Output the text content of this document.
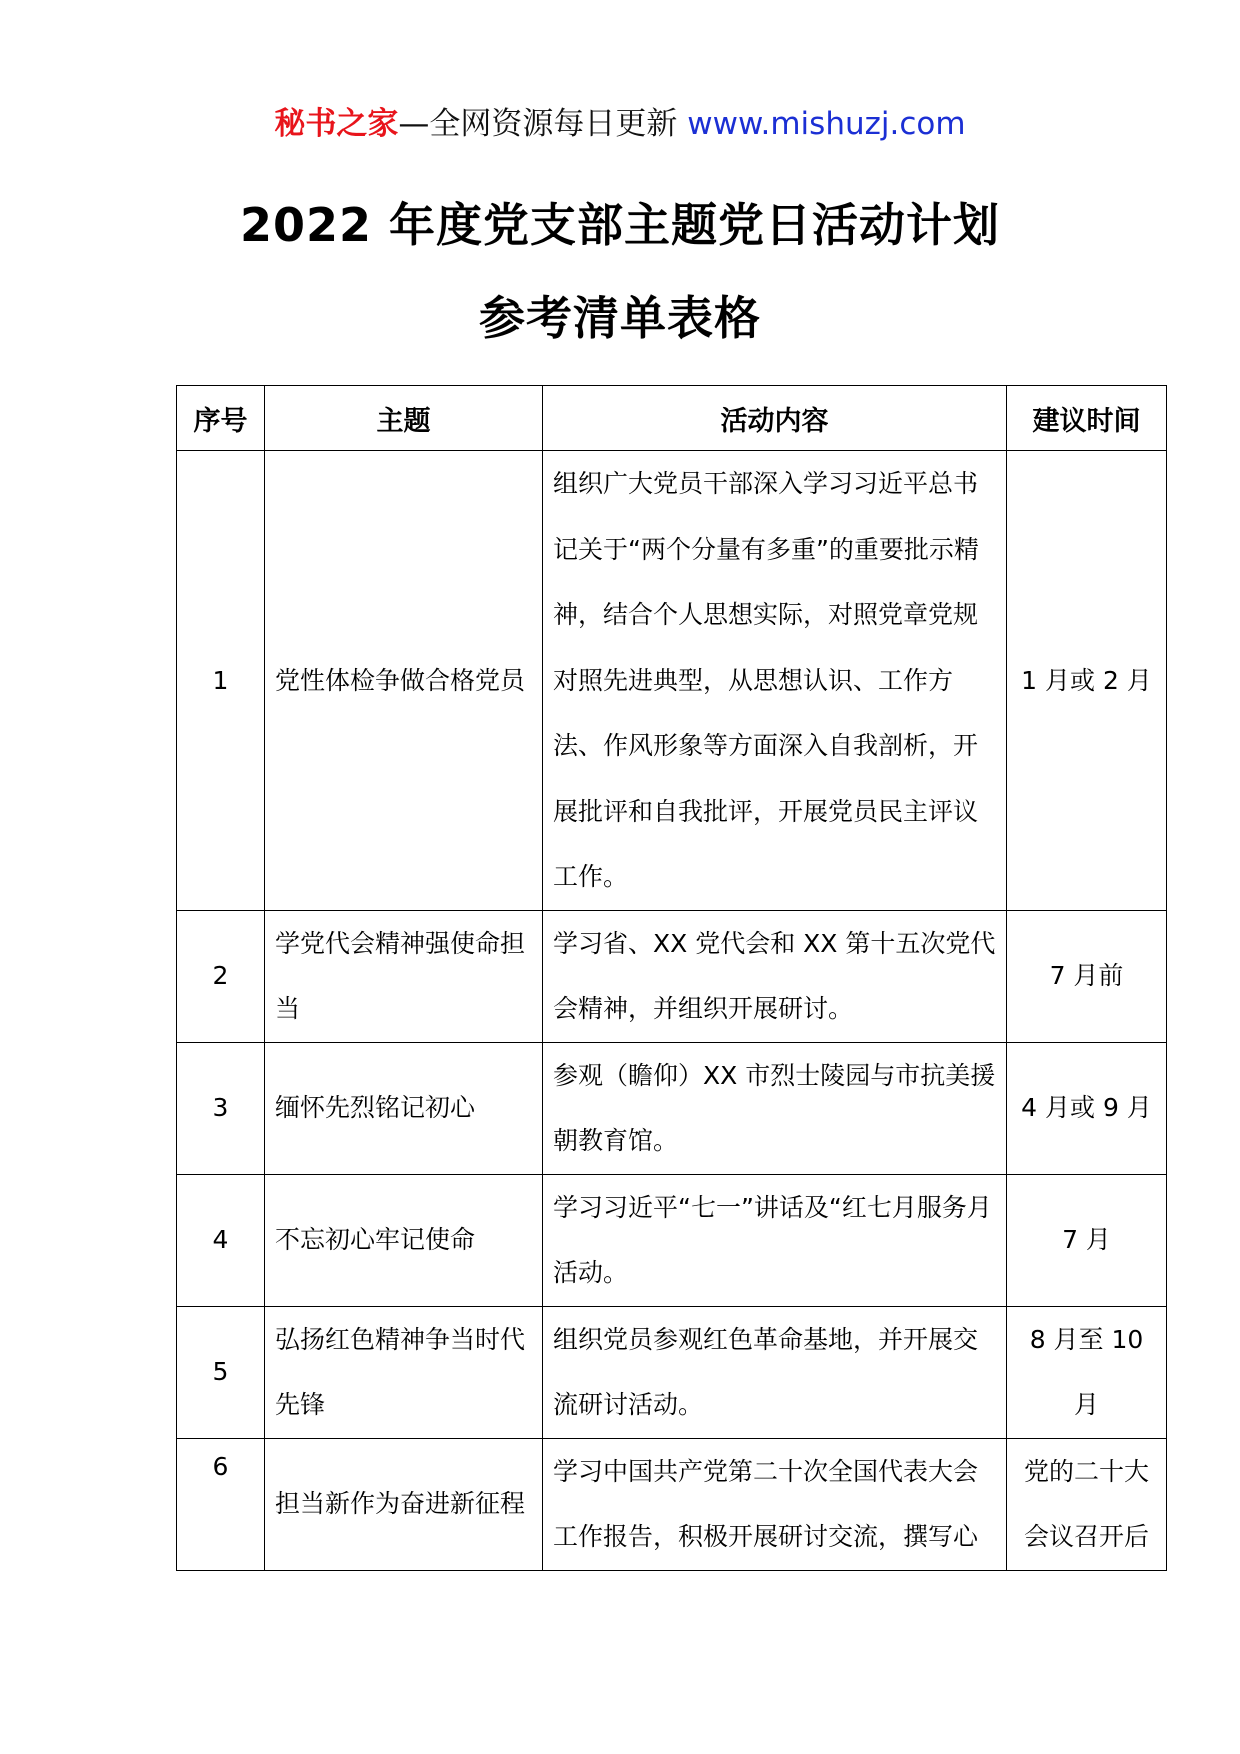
秘书之家—全网资源每日更新 www.mishuzj.com
2022 年度党支部主题党日活动计划
参考清单表格
序号	主题	活动内容	建议时间
1	党性体检争做合格党员	组织广大党员干部深入学习习近平总书记关于“两个分量有多重”的重要批示精神，结合个人思想实际，对照党章党规对照先进典型，从思想认识、工作方法、作风形象等方面深入自我剖析，开展批评和自我批评，开展党员民主评议工作。	1 月或 2 月
2	学党代会精神强使命担当	学习省、XX 党代会和 XX 第十五次党代会精神，并组织开展研讨。	7 月前
3	缅怀先烈铭记初心	参观（瞻仰）XX 市烈士陵园与市抗美援朝教育馆。	4 月或 9 月
4	不忘初心牢记使命	学习习近平“七一”讲话及“红七月服务月活动。	7 月
5	弘扬红色精神争当时代先锋	组织党员参观红色革命基地，并开展交流研讨活动。	8 月至 10 月
6	担当新作为奋进新征程	学习中国共产党第二十次全国代表大会工作报告，积极开展研讨交流，撰写心	党的二十大会议召开后
